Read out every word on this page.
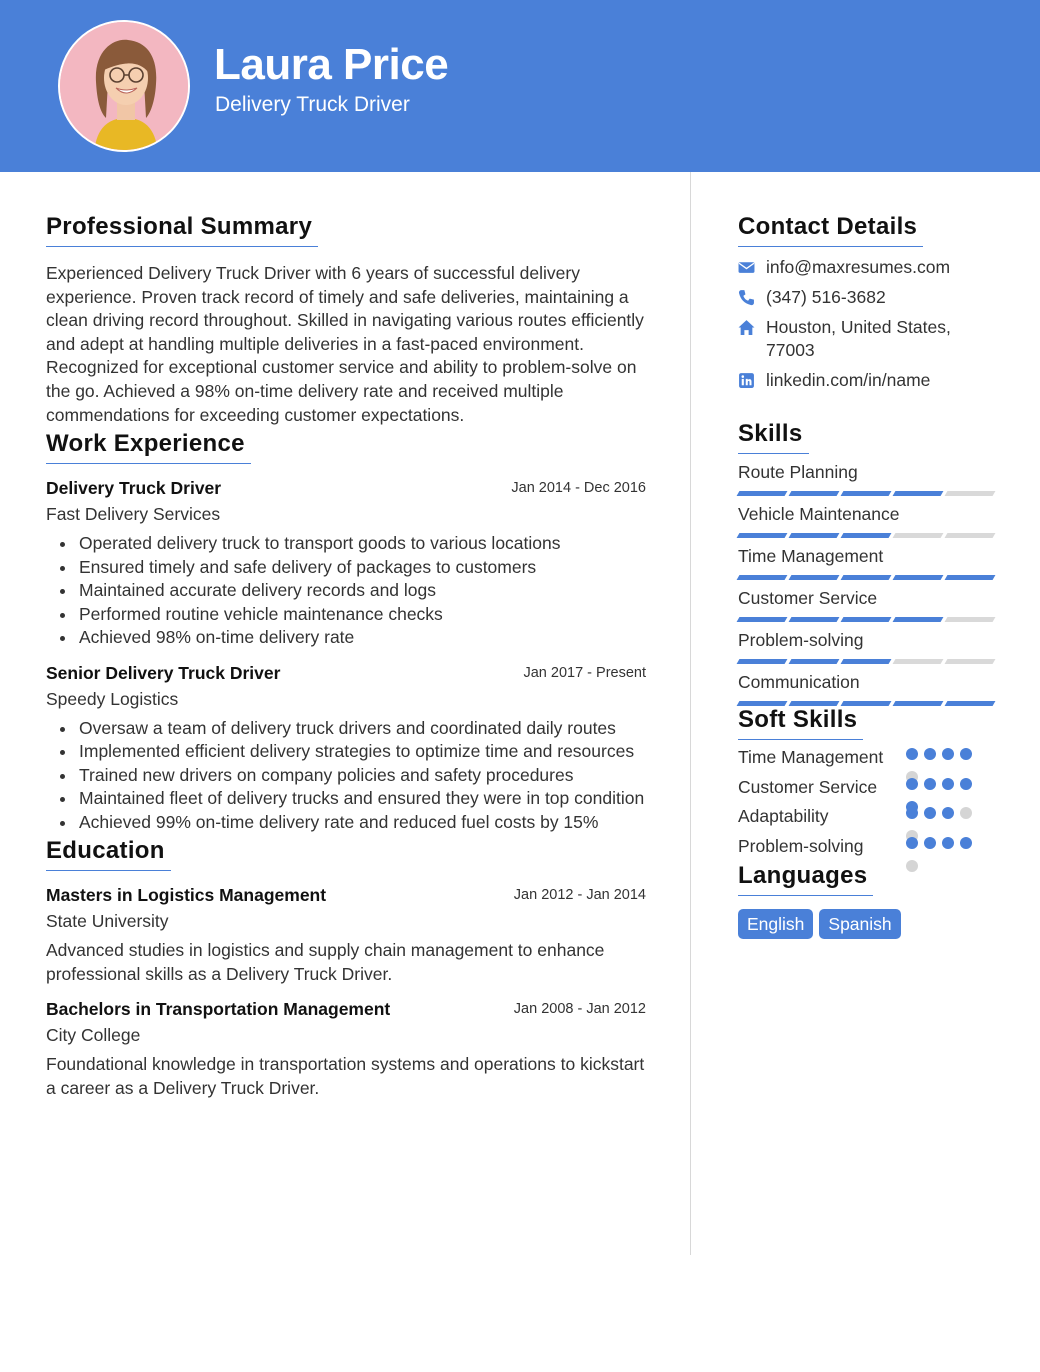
Laura Price
Delivery Truck Driver
Professional Summary

Experienced Delivery Truck Driver with 6 years of successful delivery experience. Proven track record of timely and safe deliveries, maintaining a clean driving record throughout. Skilled in navigating various routes efficiently and adept at handling multiple deliveries in a fast-paced environment. Recognized for exceptional customer service and ability to problem-solve on the go. Achieved a 98% on-time delivery rate and received multiple commendations for exceeding customer expectations.

Work Experience
Delivery Truck Driver	Jan 2014 - Dec 2016
Fast Delivery Services
Operated delivery truck to transport goods to various locations
Ensured timely and safe delivery of packages to customers
Maintained accurate delivery records and logs
Performed routine vehicle maintenance checks
Achieved 98% on-time delivery rate
Senior Delivery Truck Driver	Jan 2017 - Present
Speedy Logistics
Oversaw a team of delivery truck drivers and coordinated daily routes
Implemented efficient delivery strategies to optimize time and resources
Trained new drivers on company policies and safety procedures
Maintained fleet of delivery trucks and ensured they were in top condition
Achieved 99% on-time delivery rate and reduced fuel costs by 15%
Education
Masters in Logistics Management	Jan 2012 - Jan 2014
State University

Advanced studies in logistics and supply chain management to enhance professional skills as a Delivery Truck Driver.

Bachelors in Transportation Management	Jan 2008 - Jan 2012
City College

Foundational knowledge in transportation systems and operations to kickstart a career as a Delivery Truck Driver.

Contact Details
info@maxresumes.com
(347) 516-3682
Houston, United States, 77003
linkedin.com/in/name
Skills
Route Planning
Vehicle Maintenance
Time Management
Customer Service
Problem-solving
Communication
Soft Skills
Time Management
Customer Service
Adaptability
Problem-solving
Languages
English	Spanish
